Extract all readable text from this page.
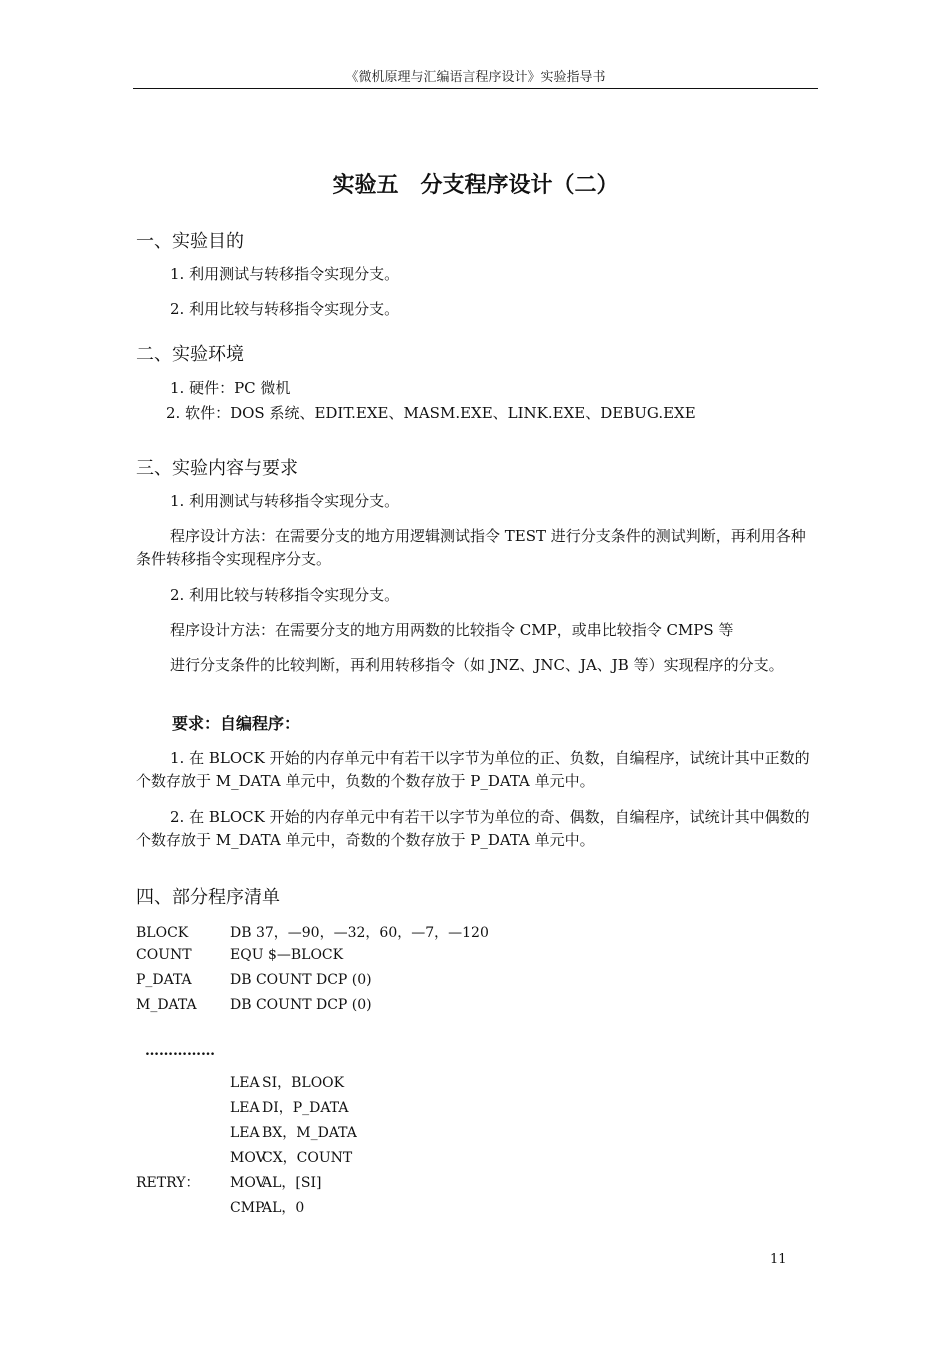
《微机原理与汇编语言程序设计》实验指导书
实验五 分支程序设计（二）
一、实验目的
1. 利用测试与转移指令实现分支。
2. 利用比较与转移指令实现分支。
二、实验环境
1. 硬件：PC 微机
2. 软件：DOS 系统、EDIT.EXE、MASM.EXE、LINK.EXE、DEBUG.EXE
三、实验内容与要求
1. 利用测试与转移指令实现分支。
程序设计方法：在需要分支的地方用逻辑测试指令 TEST 进行分支条件的测试判断，再利用各种条件转移指令实现程序分支。
2. 利用比较与转移指令实现分支。
程序设计方法：在需要分支的地方用两数的比较指令 CMP，或串比较指令 CMPS 等
进行分支条件的比较判断，再利用转移指令（如 JNZ、JNC、JA、JB 等）实现程序的分支。
要求：自编程序：
1. 在 BLOCK 开始的内存单元中有若干以字节为单位的正、负数，自编程序，试统计其中正数的个数存放于 M_DATA 单元中，负数的个数存放于 P_DATA 单元中。
2. 在 BLOCK 开始的内存单元中有若干以字节为单位的奇、偶数，自编程序，试统计其中偶数的个数存放于 M_DATA 单元中，奇数的个数存放于 P_DATA 单元中。
四、部分程序清单
BLOCK	DB 37，—90，—32，60，—7，—120
COUNT	EQU $—BLOCK
P_DATA	DB COUNT DCP (0)
M_DATA DB COUNT DCP (0)
……………
LEA SI，BLOOK
LEA DI，P_DATA
LEA BX，M_DATA
MOVCX，COUNT
RETRY： MOVAL，[SI]
CMPAL，0
11
